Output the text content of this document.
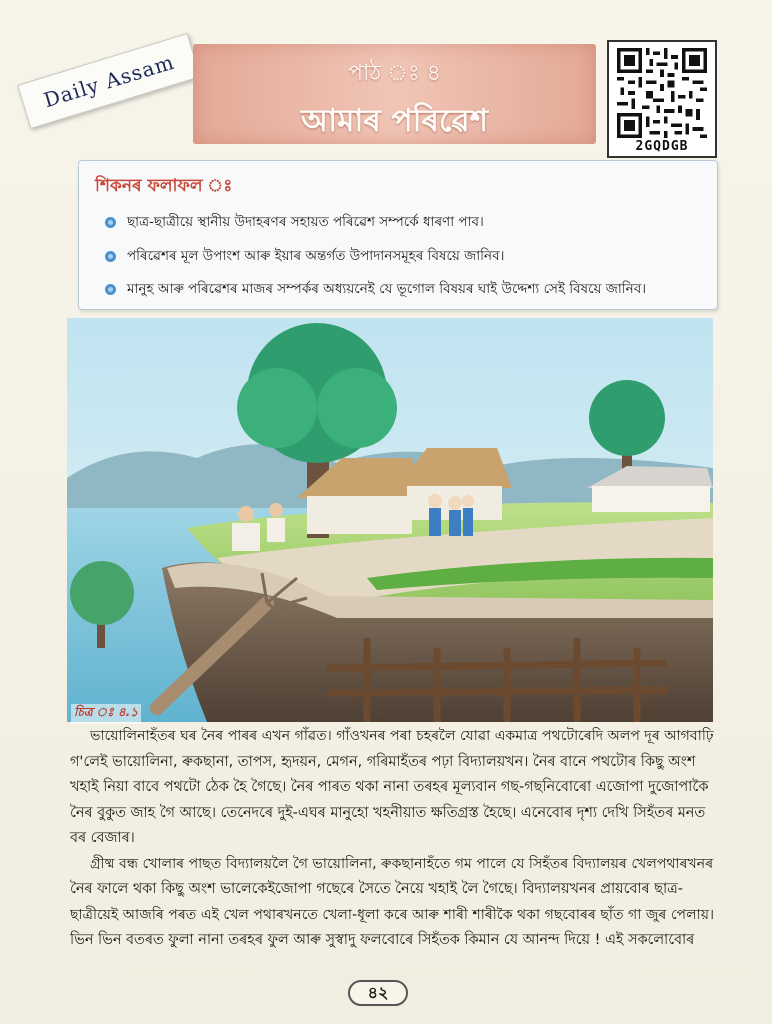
Daily Assam	পাঠ ঃ ৪
আমাৰ পৰিৱেশ
2GQDGB
শিকনৰ ফলাফল ঃ
ছাত্ৰ-ছাত্ৰীয়ে স্থানীয় উদাহৰণৰ সহায়ত পৰিৱেশ সম্পৰ্কে ধাৰণা পাব।
পৰিৱেশৰ মূল উপাংশ আৰু ইয়াৰ অন্তৰ্গত উপাদানসমূহৰ বিষয়ে জানিব।
মানুহ আৰু পৰিৱেশৰ মাজৰ সম্পৰ্কৰ অধ্যয়নেই যে ভূগোল বিষয়ৰ ঘাই উদ্দেশ্য সেই বিষয়ে জানিব।
চিত্ৰ ঃ ৪.১
ভায়োলিনাহঁতৰ ঘৰ নৈৰ পাৰৰ এখন গাঁৱত। গাঁওখনৰ পৰা চহৰলৈ যোৱা একমাত্ৰ পথটোৰেদি অলপ দূৰ আগবাঢ়ি
গ'লেই ভায়োলিনা, ৰুকছানা, তাপস, হৃদয়ন, মেগন, গৰিমাহঁতৰ পঢ়া বিদ্যালয়খন। নৈৰ বানে পথটোৰ কিছু অংশ
খহাই নিয়া বাবে পথটো ঠেক হৈ গৈছে। নৈৰ পাৰত থকা নানা তৰহৰ মূল্যবান গছ-গছনিবোৰো এজোপা দুজোপাকৈ
নৈৰ বুকুত জাহ গৈ আছে। তেনেদৰে দুই-এঘৰ মানুহো খহনীয়াত ক্ষতিগ্ৰস্ত হৈছে। এনেবোৰ দৃশ্য দেখি সিহঁতৰ মনত
বৰ বেজাৰ।
গ্ৰীষ্ম বন্ধ খোলাৰ পাছত বিদ্যালয়লৈ গৈ ভায়োলিনা, ৰুকছানাহঁতে গম পালে যে সিহঁতৰ বিদ্যালয়ৰ খেলপথাৰখনৰ
নৈৰ ফালে থকা কিছু অংশ ভালেকেইজোপা গছেৰে সৈতে নৈয়ে খহাই লৈ গৈছে। বিদ্যালয়খনৰ প্ৰায়বোৰ ছাত্ৰ-
ছাত্ৰীয়েই আজৰি পৰত এই খেল পথাৰখনতে খেলা-ধূলা কৰে আৰু শাৰী শাৰীকৈ থকা গছবোৰৰ ছাঁত গা জুৰ পেলায়।
ভিন ভিন বতৰত ফুলা নানা তৰহৰ ফুল আৰু সুস্বাদু ফলবোৰে সিহঁতক কিমান যে আনন্দ দিয়ে ! এই সকলোবোৰ
৪২
